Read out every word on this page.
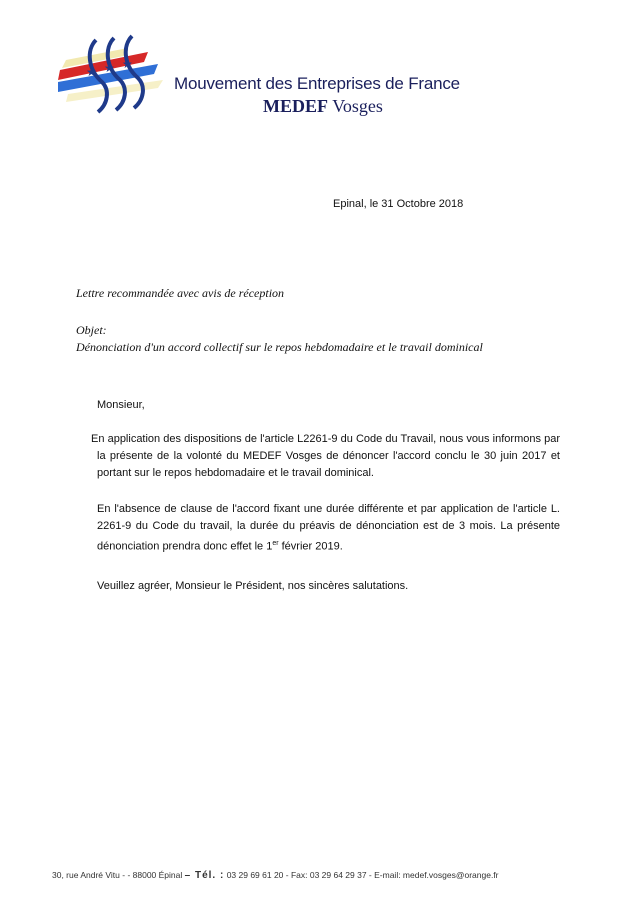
★ ★ ★
Mouvement des Entreprises de France
MEDEF Vosges
Epinal, le 31 Octobre 2018
Lettre recommandée avec avis de réception
Objet:
Dénonciation d'un accord collectif sur le repos hebdomadaire et le travail dominical
Monsieur,
En application des dispositions de l'article L2261-9 du Code du Travail, nous vous informons par la présente de la volonté du MEDEF Vosges de dénoncer l'accord conclu le 30 juin 2017 et portant sur le repos hebdomadaire et le travail dominical.
En l'absence de clause de l'accord fixant une durée différente et par application de l'article L. 2261-9 du Code du travail, la durée du préavis de dénonciation est de 3 mois. La présente dénonciation prendra donc effet le 1er février 2019.
Veuillez agréer, Monsieur le Président, nos sincères salutations.
30, rue André Vitu - - 88000 Épinal – Tél. : 03 29 69 61 20 - Fax: 03 29 64 29 37 - E-mail: medef.vosges@orange.fr
